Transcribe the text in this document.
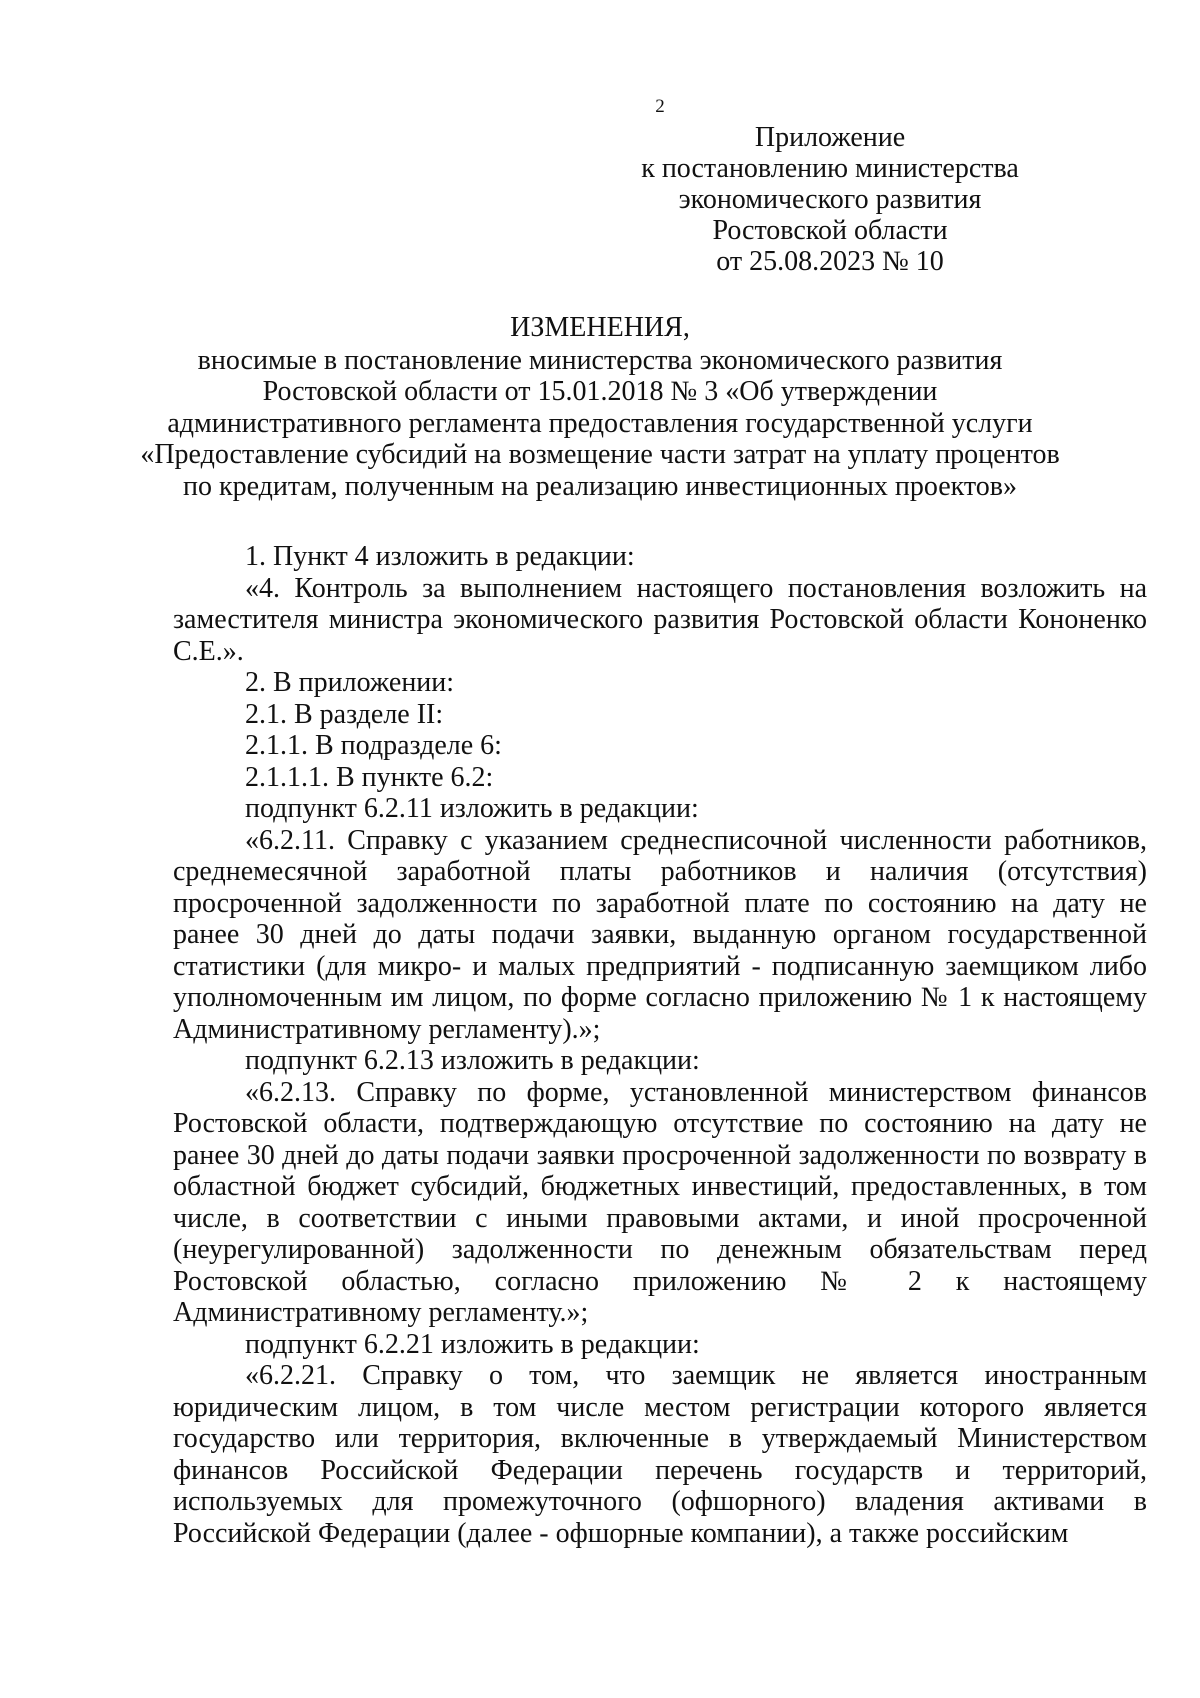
2
Приложение
к постановлению министерства
экономического развития
Ростовской области
от 25.08.2023 № 10
ИЗМЕНЕНИЯ,
вносимые в постановление министерства экономического развития
Ростовской области от 15.01.2018 № 3 «Об утверждении
административного регламента предоставления государственной услуги
«Предоставление субсидий на возмещение части затрат на уплату процентов
по кредитам, полученным на реализацию инвестиционных проектов»

1. Пункт 4 изложить в редакции:

«4. Контроль за выполнением настоящего постановления возложить на заместителя министра экономического развития Ростовской области Кононенко С.Е.».

2. В приложении:

2.1. В разделе II:

2.1.1. В подразделе 6:

2.1.1.1. В пункте 6.2:

подпункт 6.2.11 изложить в редакции:

«6.2.11. Справку с указанием среднесписочной численности работников, среднемесячной заработной платы работников и наличия (отсутствия) просроченной задолженности по заработной плате по состоянию на дату не ранее 30 дней до даты подачи заявки, выданную органом государственной статистики (для микро- и малых предприятий - подписанную заемщиком либо уполномоченным им лицом, по форме согласно приложению № 1 к настоящему Административному регламенту).»;

подпункт 6.2.13 изложить в редакции:

«6.2.13. Справку по форме, установленной министерством финансов Ростовской области, подтверждающую отсутствие по состоянию на дату не ранее 30 дней до даты подачи заявки просроченной задолженности по возврату в областной бюджет субсидий, бюджетных инвестиций, предоставленных, в том числе, в соответствии с иными правовыми актами, и иной просроченной (неурегулированной) задолженности по денежным обязательствам перед Ростовской областью, согласно приложению № 2 к настоящему Административному регламенту.»;

подпункт 6.2.21 изложить в редакции:

«6.2.21. Справку о том, что заемщик не является иностранным юридическим лицом, в том числе местом регистрации которого является государство или территория, включенные в утверждаемый Министерством финансов Российской Федерации перечень государств и территорий, используемых для промежуточного (офшорного) владения активами в Российской Федерации (далее - офшорные компании), а также российским
